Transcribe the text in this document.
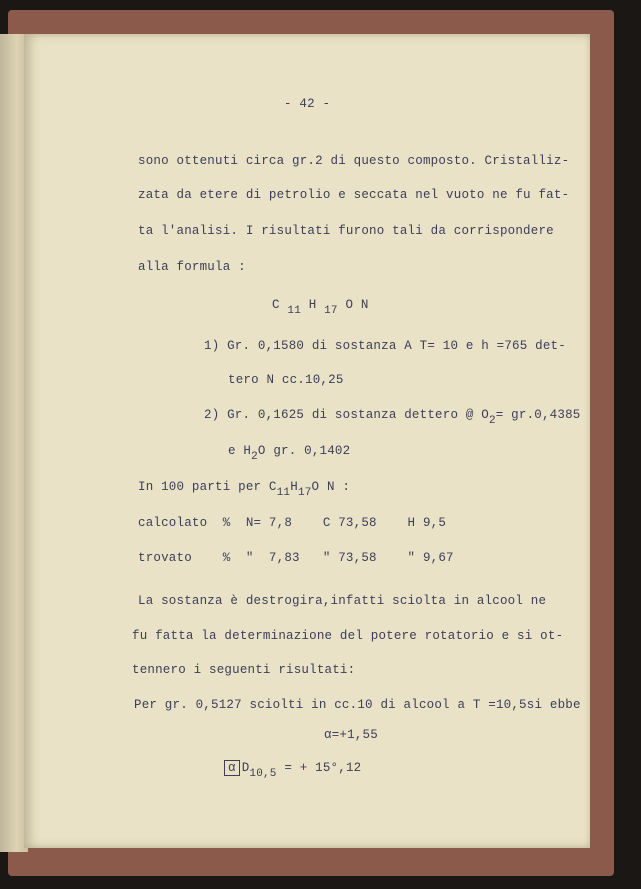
- 42 -
sono ottenuti circa gr.2 di questo composto. Cristalliz-
zata da etere di petrolio e seccata nel vuoto ne fu fat-
ta l'analisi. I risultati furono tali da corrispondere
alla formula :
C $_{11}$ H $_{17}$ O N
1) Gr. 0,1580 di sostanza A T= 10 e h =765 det-
tero N cc.10,25
2) Gr. 0,1625 di sostanza dettero @ $O_2= gr.0,4385$
e $H_2O$ gr. 0,1402
In 100 parti per $C_{11}H_{17}O$ N :
calcolato  %  N= 7,8    C 73,58    H 9,5
trovato    %  "  7,83   " 73,58    " 9,67
La sostanza è destrogira,infatti sciolta in alcool ne
fu fatta la determinazione del potere rotatorio e si ot-
tennero i seguenti risultati:
Per gr. 0,5127 sciolti in cc.10 di alcool a T =10,5si ebbe
α=+1,55
α $D_{10,5}$ = + 15°,12
